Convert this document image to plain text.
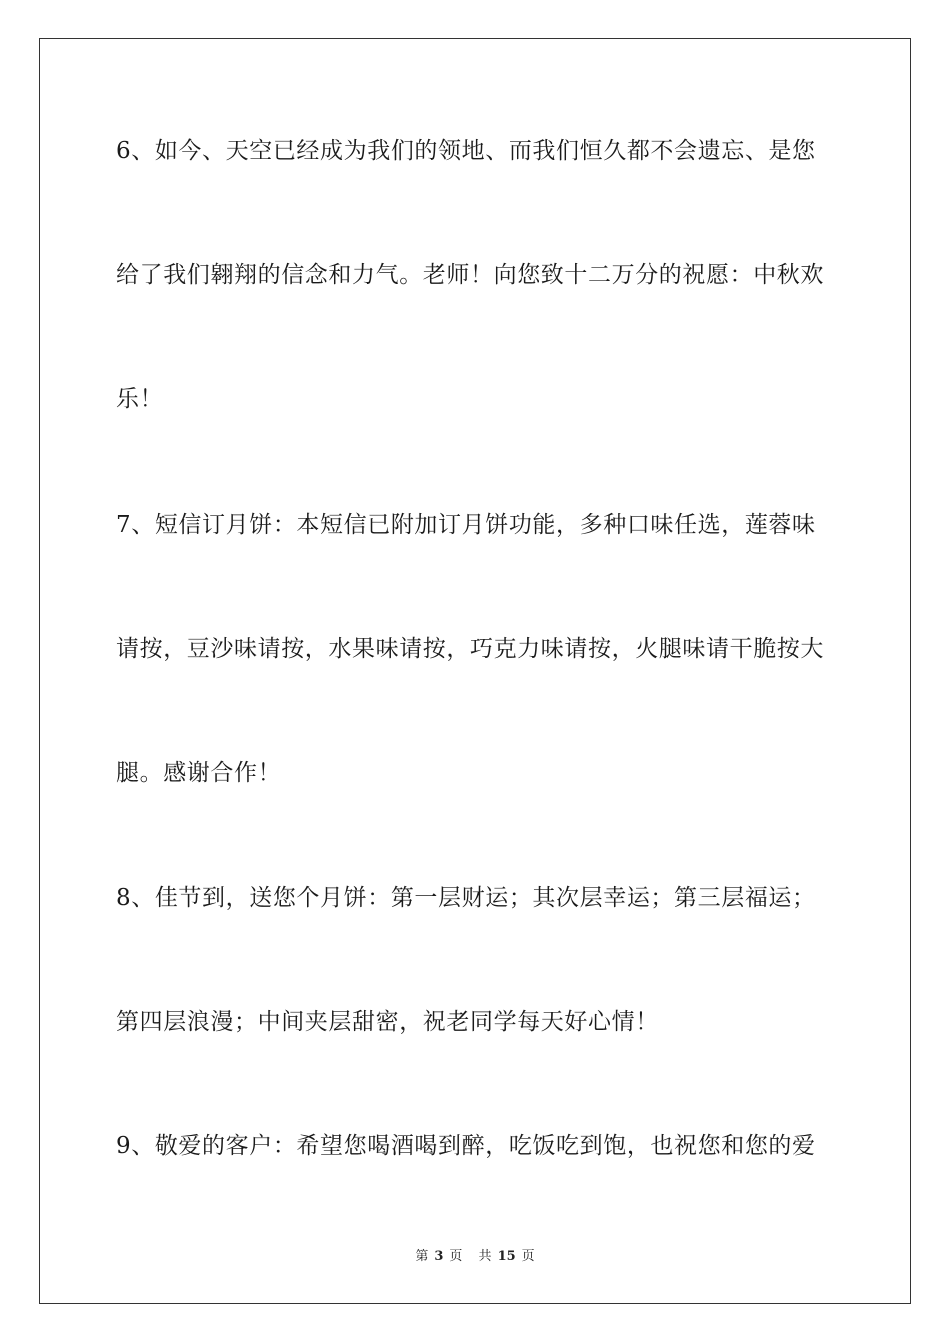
6、如今、天空已经成为我们的领地、而我们恒久都不会遗忘、是您
给了我们翱翔的信念和力气。老师！向您致十二万分的祝愿：中秋欢
乐！
7、短信订月饼：本短信已附加订月饼功能，多种口味任选，莲蓉味
请按，豆沙味请按，水果味请按，巧克力味请按，火腿味请干脆按大
腿。感谢合作！
8、佳节到，送您个月饼：第一层财运；其次层幸运；第三层福运；
第四层浪漫；中间夹层甜密，祝老同学每天好心情！
9、敬爱的客户：希望您喝酒喝到醉，吃饭吃到饱，也祝您和您的爱
第 3 页 共 15 页
